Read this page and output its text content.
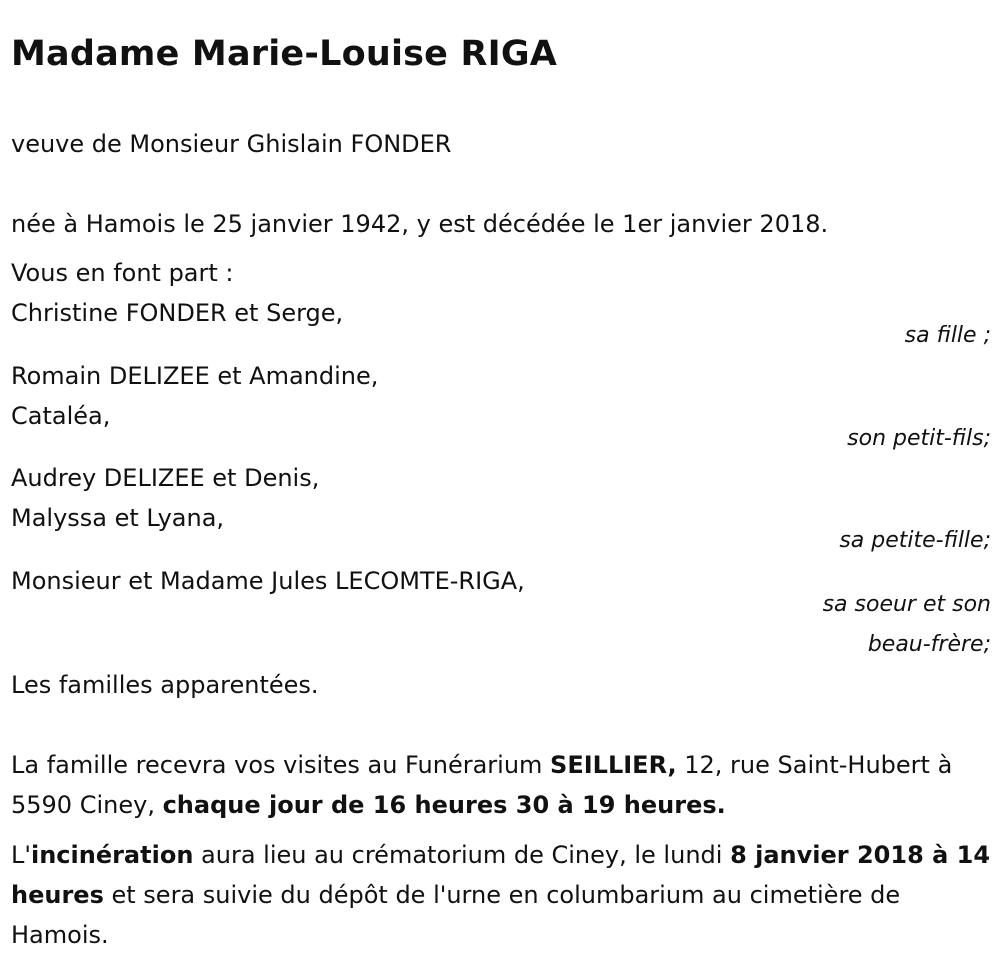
Madame Marie-Louise RIGA

veuve de Monsieur Ghislain FONDER

née à Hamois le 25 janvier 1942, y est décédée le 1er janvier 2018.

Vous en font part :

Christine FONDER et Serge,

sa fille ;

Romain DELIZEE et Amandine,

Cataléa,

son petit-fils;

Audrey DELIZEE et Denis,

Malyssa et Lyana,

sa petite-fille;

Monsieur et Madame Jules LECOMTE-RIGA,

sa soeur et son

beau-frère;

Les familles apparentées.

La famille recevra vos visites au Funérarium SEILLIER, 12, rue Saint-Hubert à 5590 Ciney, chaque jour de 16 heures 30 à 19 heures.

L'incinération aura lieu au crématorium de Ciney, le lundi 8 janvier 2018 à 14 heures et sera suivie du dépôt de l'urne en columbarium au cimetière de Hamois.
